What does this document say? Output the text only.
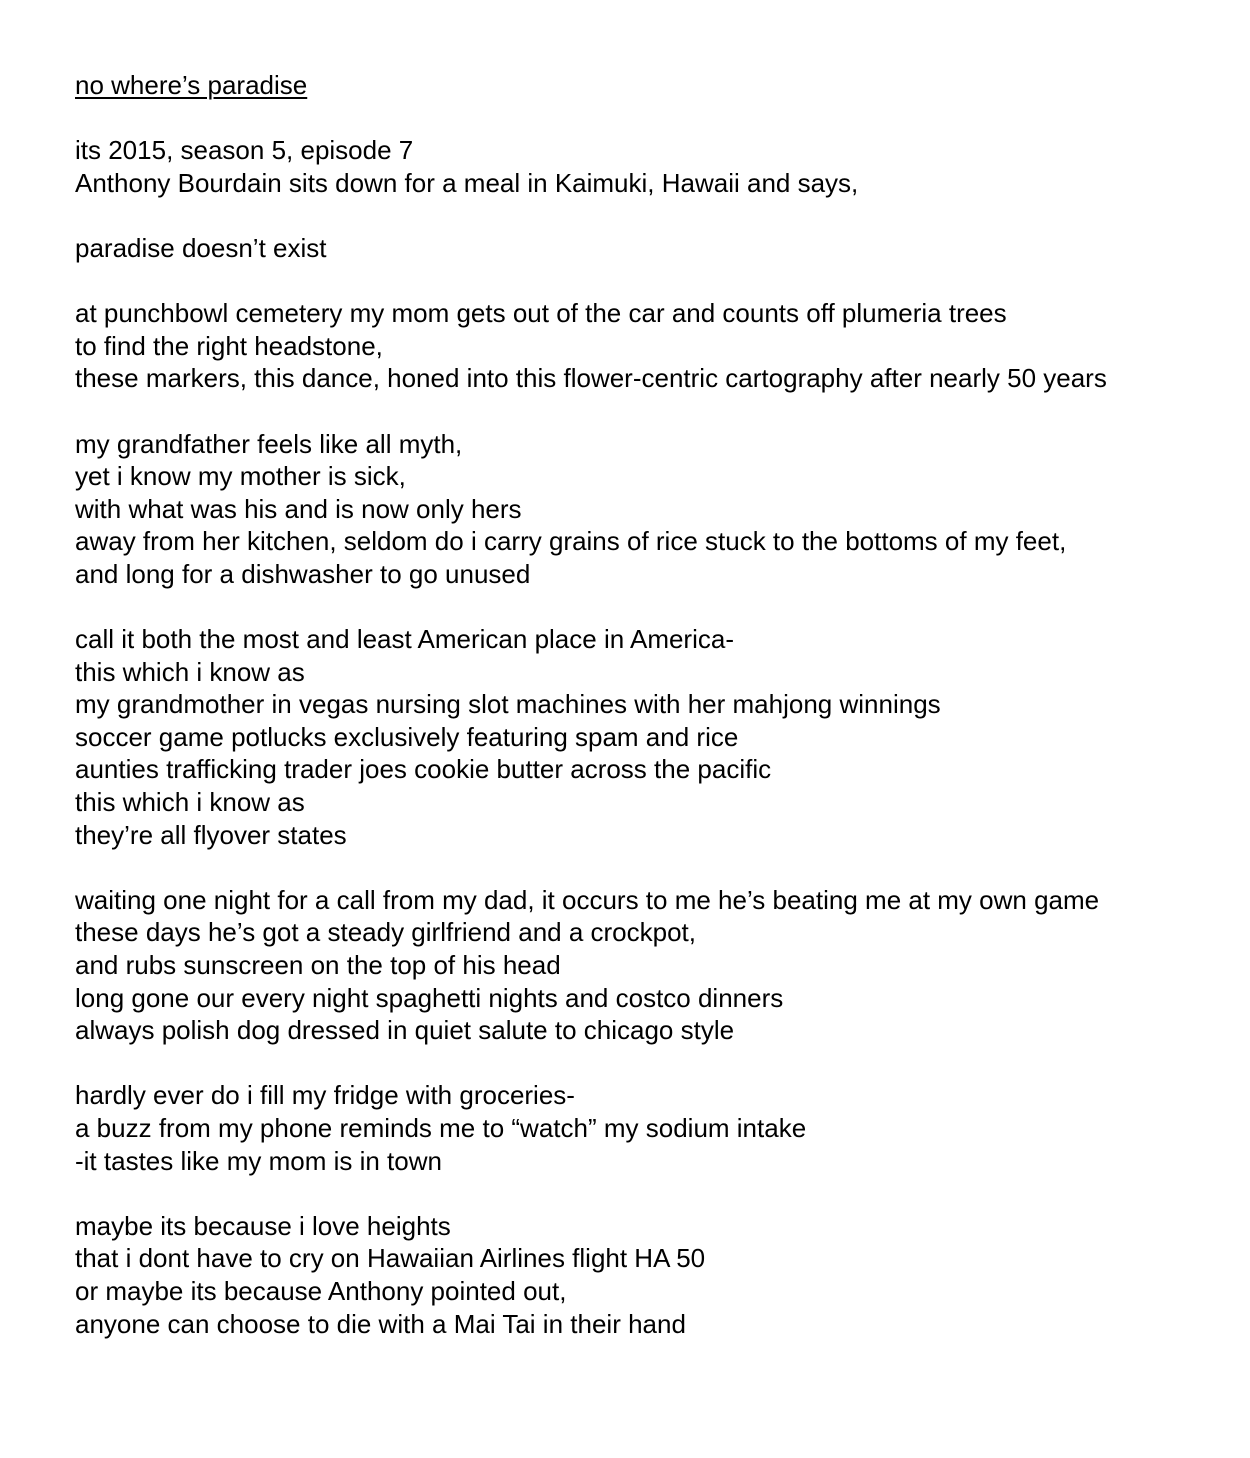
no where’s paradise

its 2015, season 5, episode 7
Anthony Bourdain sits down for a meal in Kaimuki, Hawaii and says,

paradise doesn’t exist

at punchbowl cemetery my mom gets out of the car and counts off plumeria trees
to find the right headstone,
these markers, this dance, honed into this flower-centric cartography after nearly 50 years

my grandfather feels like all myth,
yet i know my mother is sick,
with what was his and is now only hers
away from her kitchen, seldom do i carry grains of rice stuck to the bottoms of my feet,
and long for a dishwasher to go unused

call it both the most and least American place in America-
this which i know as
my grandmother in vegas nursing slot machines with her mahjong winnings
soccer game potlucks exclusively featuring spam and rice
aunties trafficking trader joes cookie butter across the pacific
this which i know as
they’re all flyover states

waiting one night for a call from my dad, it occurs to me he’s beating me at my own game
these days he’s got a steady girlfriend and a crockpot,
and rubs sunscreen on the top of his head
long gone our every night spaghetti nights and costco dinners
always polish dog dressed in quiet salute to chicago style

hardly ever do i fill my fridge with groceries-
a buzz from my phone reminds me to “watch” my sodium intake
-it tastes like my mom is in town

maybe its because i love heights
that i dont have to cry on Hawaiian Airlines flight HA 50
or maybe its because Anthony pointed out,
anyone can choose to die with a Mai Tai in their hand
